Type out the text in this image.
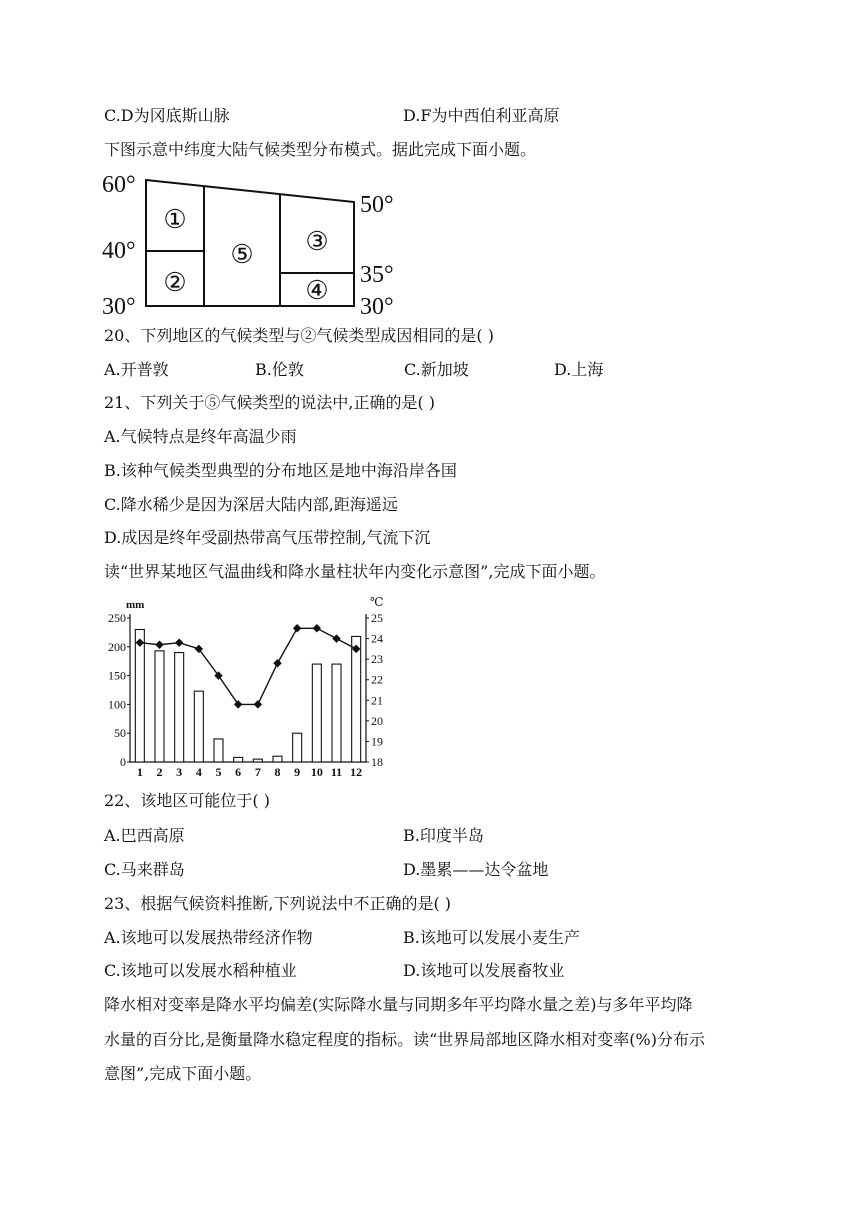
C.D为冈底斯山脉	D.F为中西伯利亚高原
下图示意中纬度大陆气候类型分布模式。据此完成下面小题。
60°
40°
30°
50°
35°
30°
①
②
⑤ ③
④
20、下列地区的气候类型与②气候类型成因相同的是( )
A.开普敦	B.伦敦	C.新加坡	D.上海
21、下列关于⑤气候类型的说法中,正确的是( )
A.气候特点是终年高温少雨
B.该种气候类型典型的分布地区是地中海沿岸各国
C.降水稀少是因为深居大陆内部,距海遥远
D.成因是终年受副热带高气压带控制,气流下沉
读“世界某地区气温曲线和降水量柱状年内变化示意图”,完成下面小题。
mm	℃
0
50
100
150
200
250
18
19
20
21
22
23
24
25
1 2 3 4 5 6 7 8 9 10 11 12
22、该地区可能位于( )
A.巴西高原	B.印度半岛
C.马来群岛	D.墨累——达令盆地
23、根据气候资料推断,下列说法中不正确的是( )
A.该地可以发展热带经济作物	B.该地可以发展小麦生产
C.该地可以发展水稻种植业	D.该地可以发展畜牧业
降水相对变率是降水平均偏差(实际降水量与同期多年平均降水量之差)与多年平均降
水量的百分比,是衡量降水稳定程度的指标。读“世界局部地区降水相对变率(%)分布示
意图”,完成下面小题。
